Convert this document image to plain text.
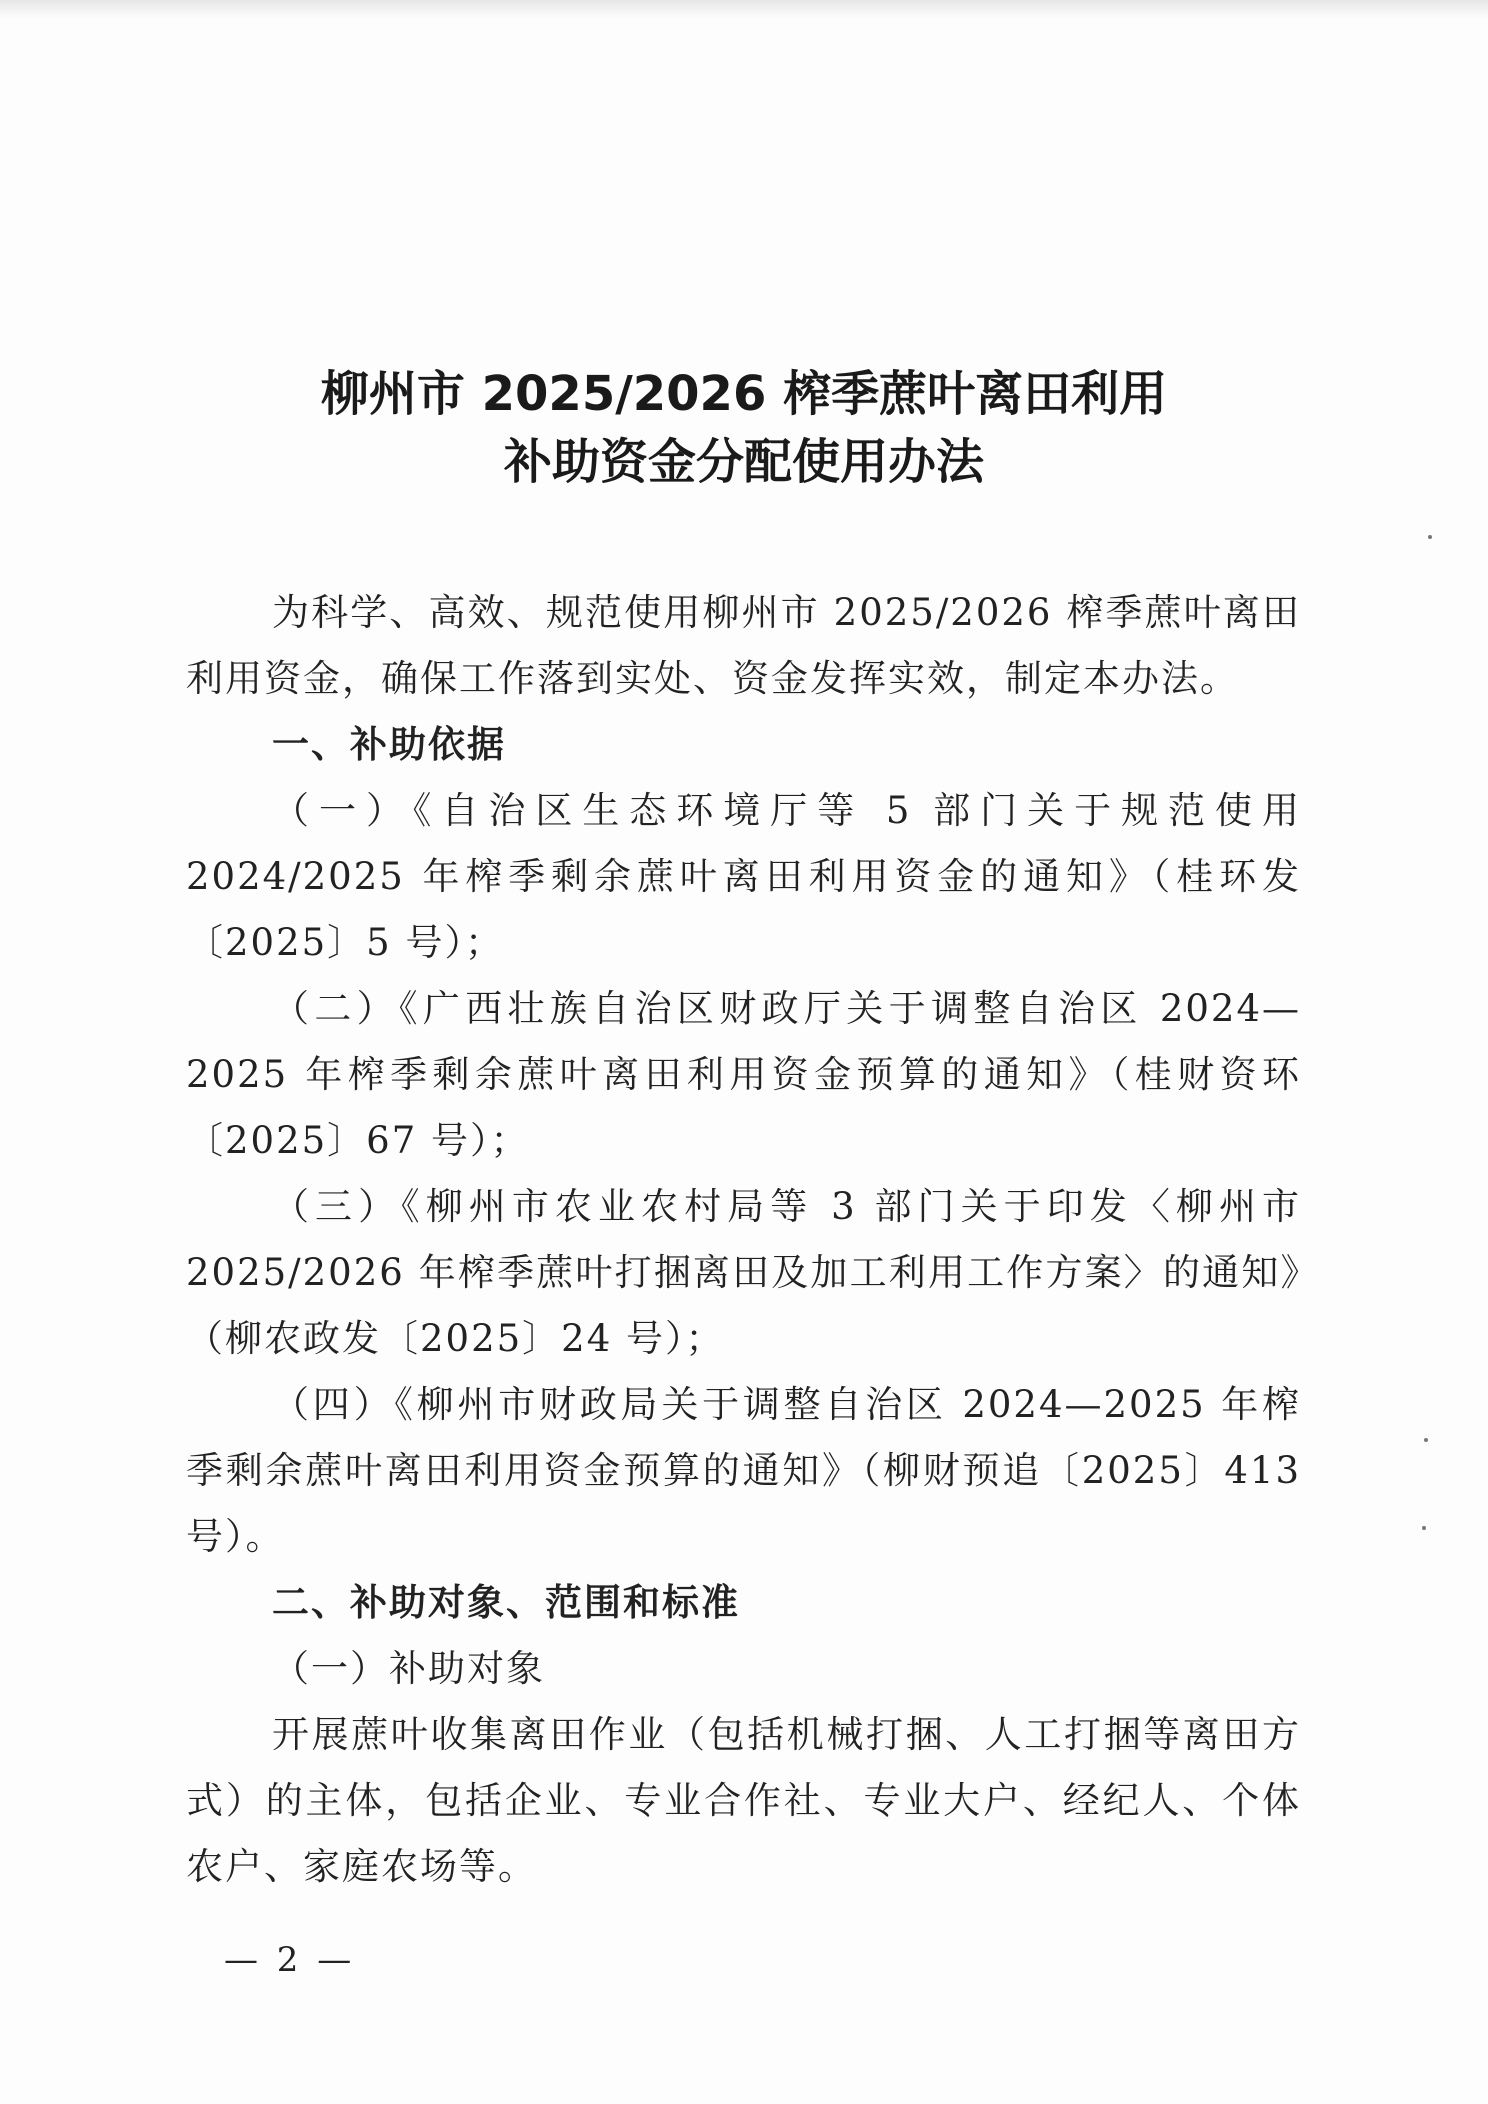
柳州市 2025/2026 榨季蔗叶离田利用
补助资金分配使用办法

为科学、高效、规范使用柳州市 2025/2026 榨季蔗叶离田利用资金，确保工作落到实处、资金发挥实效，制定本办法。

一、补助依据

（一）《自治区生态环境厅等 5 部门关于规范使用 2024/2025 年榨季剩余蔗叶离田利用资金的通知》（桂环发〔2025〕5 号）；

（二）《广西壮族自治区财政厅关于调整自治区 2024—2025 年榨季剩余蔗叶离田利用资金预算的通知》（桂财资环〔2025〕67 号）；

（三）《柳州市农业农村局等 3 部门关于印发〈柳州市 2025/2026 年榨季蔗叶打捆离田及加工利用工作方案〉的通知》（柳农政发〔2025〕24 号）；

（四）《柳州市财政局关于调整自治区 2024—2025 年榨季剩余蔗叶离田利用资金预算的通知》（柳财预追〔2025〕413 号）。

二、补助对象、范围和标准

（一）补助对象

开展蔗叶收集离田作业（包括机械打捆、人工打捆等离田方式）的主体，包括企业、专业合作社、专业大户、经纪人、个体农户、家庭农场等。

— 2 —
